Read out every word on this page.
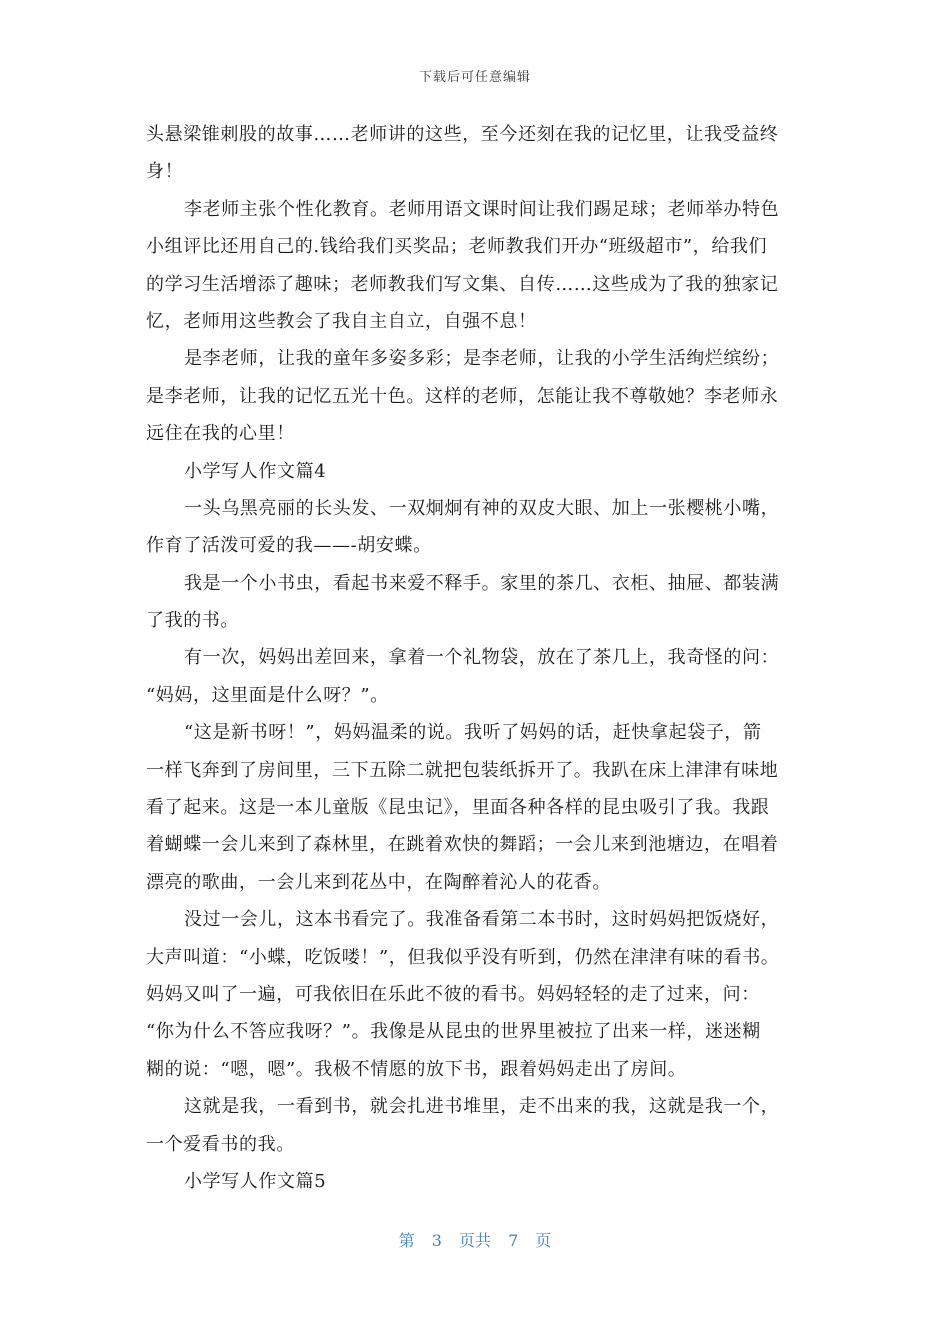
下载后可任意编辑
头悬梁锥刺股的故事……老师讲的这些，至今还刻在我的记忆里，让我受益终
身！
李老师主张个性化教育。老师用语文课时间让我们踢足球；老师举办特色
小组评比还用自己的.钱给我们买奖品；老师教我们开办“班级超市”，给我们
的学习生活增添了趣味；老师教我们写文集、自传……这些成为了我的独家记
忆，老师用这些教会了我自主自立，自强不息！
是李老师，让我的童年多姿多彩；是李老师，让我的小学生活绚烂缤纷；
是李老师，让我的记忆五光十色。这样的老师，怎能让我不尊敬她？李老师永
远住在我的心里！
小学写人作文篇4
一头乌黑亮丽的长头发、一双炯炯有神的双皮大眼、加上一张樱桃小嘴，
作育了活泼可爱的我——-胡安蝶。
我是一个小书虫，看起书来爱不释手。家里的茶几、衣柜、抽屉、都装满
了我的书。
有一次，妈妈出差回来，拿着一个礼物袋，放在了茶几上，我奇怪的问：
“妈妈，这里面是什么呀？”。
“这是新书呀！”，妈妈温柔的说。我听了妈妈的话，赶快拿起袋子，箭
一样飞奔到了房间里，三下五除二就把包装纸拆开了。我趴在床上津津有味地
看了起来。这是一本儿童版《昆虫记》，里面各种各样的昆虫吸引了我。我跟
着蝴蝶一会儿来到了森林里，在跳着欢快的舞蹈；一会儿来到池塘边，在唱着
漂亮的歌曲，一会儿来到花丛中，在陶醉着沁人的花香。
没过一会儿，这本书看完了。我准备看第二本书时，这时妈妈把饭烧好，
大声叫道：“小蝶，吃饭喽！”，但我似乎没有听到，仍然在津津有味的看书。
妈妈又叫了一遍，可我依旧在乐此不彼的看书。妈妈轻轻的走了过来，问：
“你为什么不答应我呀？”。我像是从昆虫的世界里被拉了出来一样，迷迷糊
糊的说：“嗯，嗯”。我极不情愿的放下书，跟着妈妈走出了房间。
这就是我，一看到书，就会扎进书堆里，走不出来的我，这就是我一个，
一个爱看书的我。
小学写人作文篇5
第 3 页共 7 页
